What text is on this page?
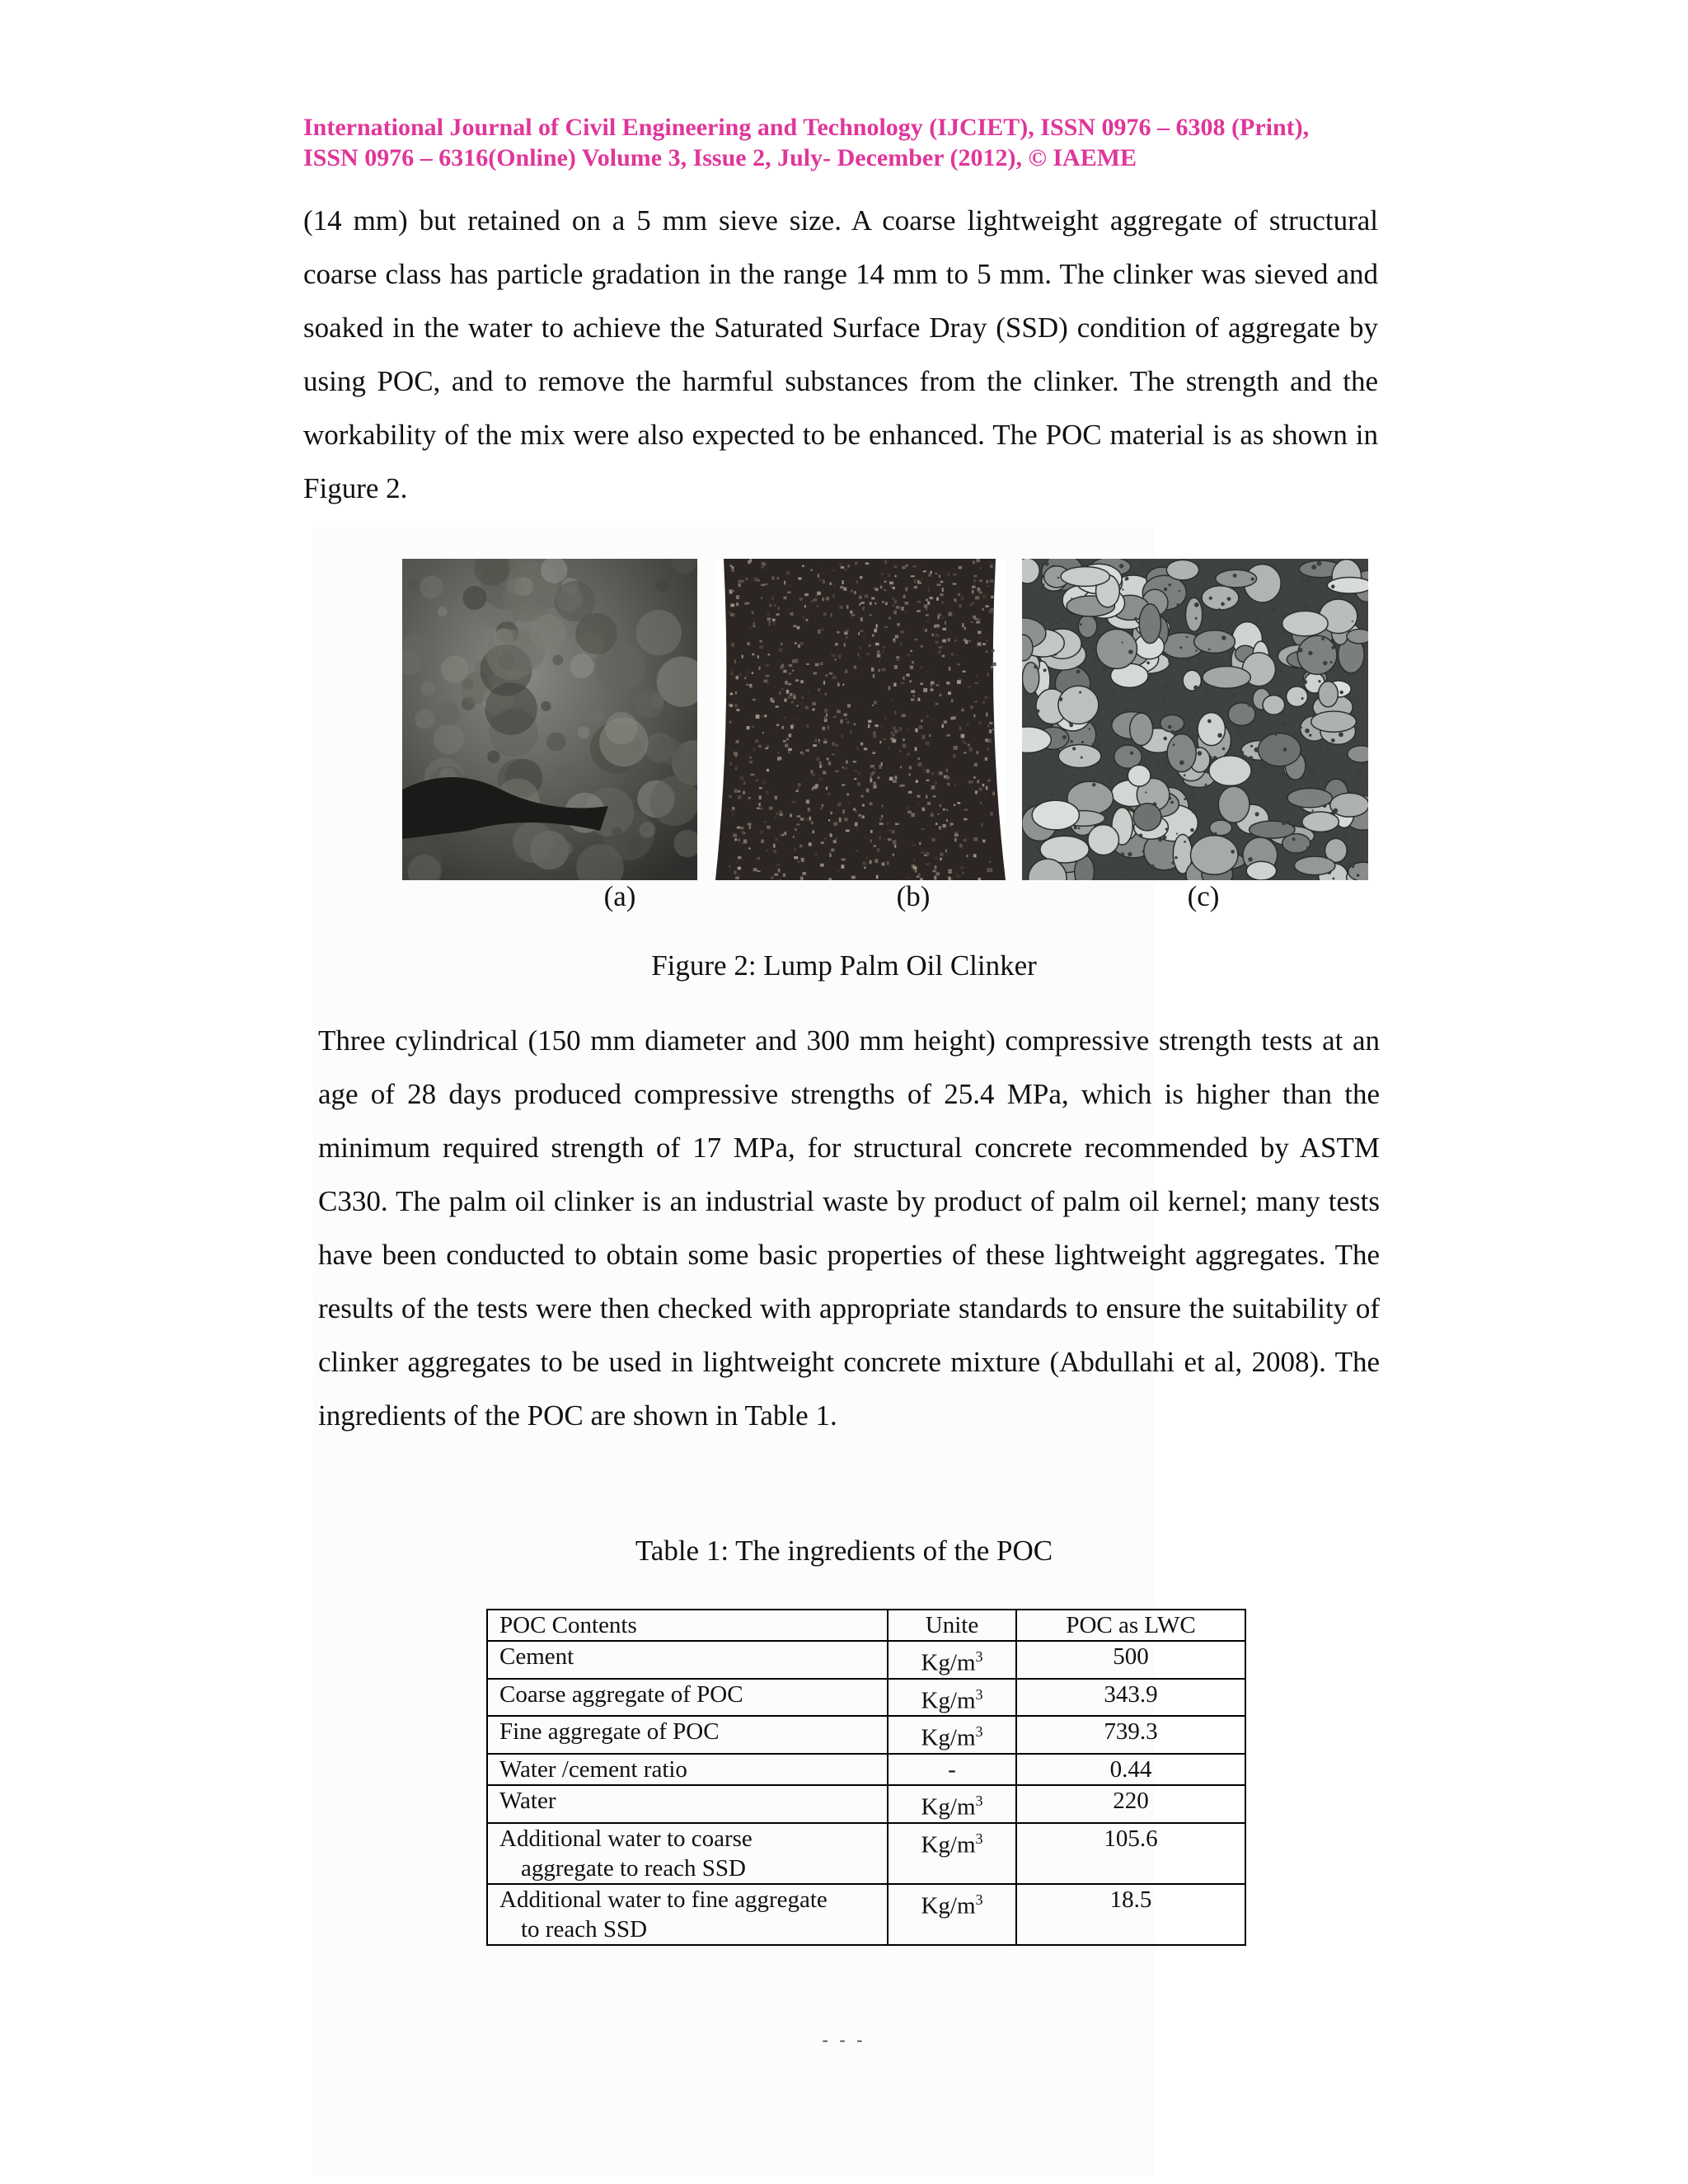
International Journal of Civil Engineering and Technology (IJCIET), ISSN 0976 – 6308 (Print),
ISSN 0976 – 6316(Online) Volume 3, Issue 2, July- December (2012), © IAEME

(14 mm) but retained on a 5 mm sieve size. A coarse lightweight aggregate of structural coarse class has particle gradation in the range 14 mm to 5 mm. The clinker was sieved and soaked in the water to achieve the Saturated Surface Dray (SSD) condition of aggregate by using POC, and to remove the harmful substances from the clinker. The strength and the workability of the mix were also expected to be enhanced. The POC material is as shown in Figure 2.

(a)	(b)	(c)
Figure 2: Lump Palm Oil Clinker

Three cylindrical (150 mm diameter and 300 mm height) compressive strength tests at an age of 28 days produced compressive strengths of 25.4 MPa, which is higher than the minimum required strength of 17 MPa, for structural concrete recommended by ASTM C330. The palm oil clinker is an industrial waste by product of palm oil kernel; many tests have been conducted to obtain some basic properties of these lightweight aggregates. The results of the tests were then checked with appropriate standards to ensure the suitability of clinker aggregates to be used in lightweight concrete mixture (Abdullahi et al, 2008). The ingredients of the POC are shown in Table 1.

Table 1: The ingredients of the POC
POC Contents	Unite	POC as LWC
Cement	$Kg/m^3$	500
Coarse aggregate of POC	$Kg/m^3$	343.9
Fine aggregate of POC	$Kg/m^3$	739.3
Water /cement ratio	-	0.44
Water	$Kg/m^3$	220
Additional water to coarse
aggregate to reach SSD	$Kg/m^3$	105.6
Additional water to fine aggregate
to reach SSD	$Kg/m^3$	18.5
- - -
